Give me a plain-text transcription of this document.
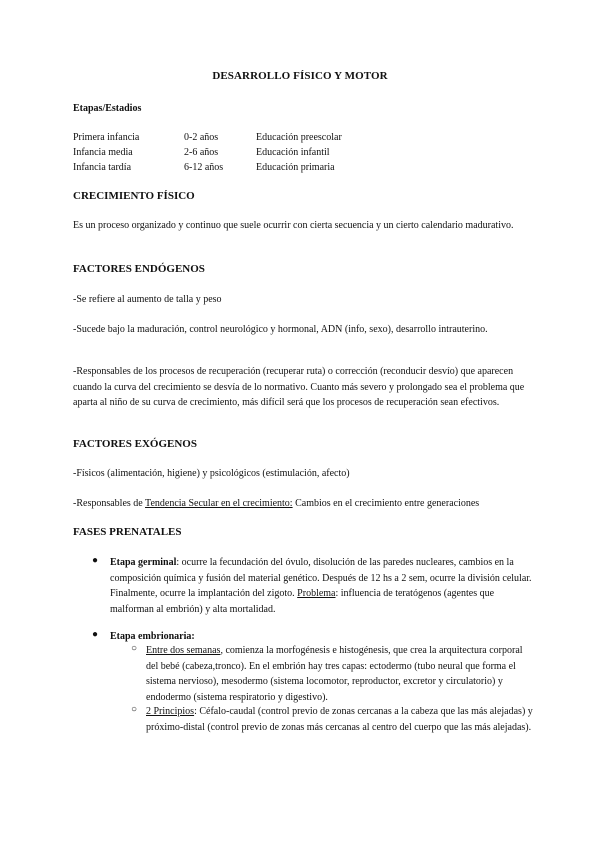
DESARROLLO FÍSICO Y MOTOR
Etapas/Estadios
Primera infancia	0-2 años	Educación preescolar
Infancia media	2-6 años	Educación infantil
Infancia tardía	6-12 años	Educación primaria
CRECIMIENTO FÍSICO
Es un proceso organizado y continuo que suele ocurrir con cierta secuencia y un cierto calendario madurativo.
FACTORES ENDÓGENOS
-Se refiere al aumento de talla y peso
-Sucede bajo la maduración, control neurológico y hormonal, ADN (info, sexo), desarrollo intrauterino.
-Responsables de los procesos de recuperación (recuperar ruta) o corrección (reconducir desvío) que aparecen cuando la curva del crecimiento se desvía de lo normativo. Cuanto más severo y prolongado sea el problema que aparta al niño de su curva de crecimiento, más difícil será que los procesos de recuperación sean efectivos.
FACTORES EXÓGENOS
-Físicos (alimentación, higiene) y psicológicos (estimulación, afecto)
-Responsables de Tendencia Secular en el crecimiento: Cambios en el crecimiento entre generaciones
FASES PRENATALES
● Etapa germinal: ocurre la fecundación del óvulo, disolución de las paredes nucleares, cambios en la composición química y fusión del material genético. Después de 12 hs a 2 sem, ocurre la división celular. Finalmente, ocurre la implantación del zigoto. Problema: influencia de teratógenos (agentes que malforman al embrión) y alta mortalidad.
● Etapa embrionaria:
○ Entre dos semanas, comienza la morfogénesis e histogénesis, que crea la arquitectura corporal del bebé (cabeza,tronco). En el embrión hay tres capas: ectodermo (tubo neural que forma el sistema nervioso), mesodermo (sistema locomotor, reproductor, excretor y circulatorio) y endodermo (sistema respiratorio y digestivo).
○ 2 Principios: Céfalo-caudal (control previo de zonas cercanas a la cabeza que las más alejadas) y próximo-distal (control previo de zonas más cercanas al centro del cuerpo que las más alejadas).
